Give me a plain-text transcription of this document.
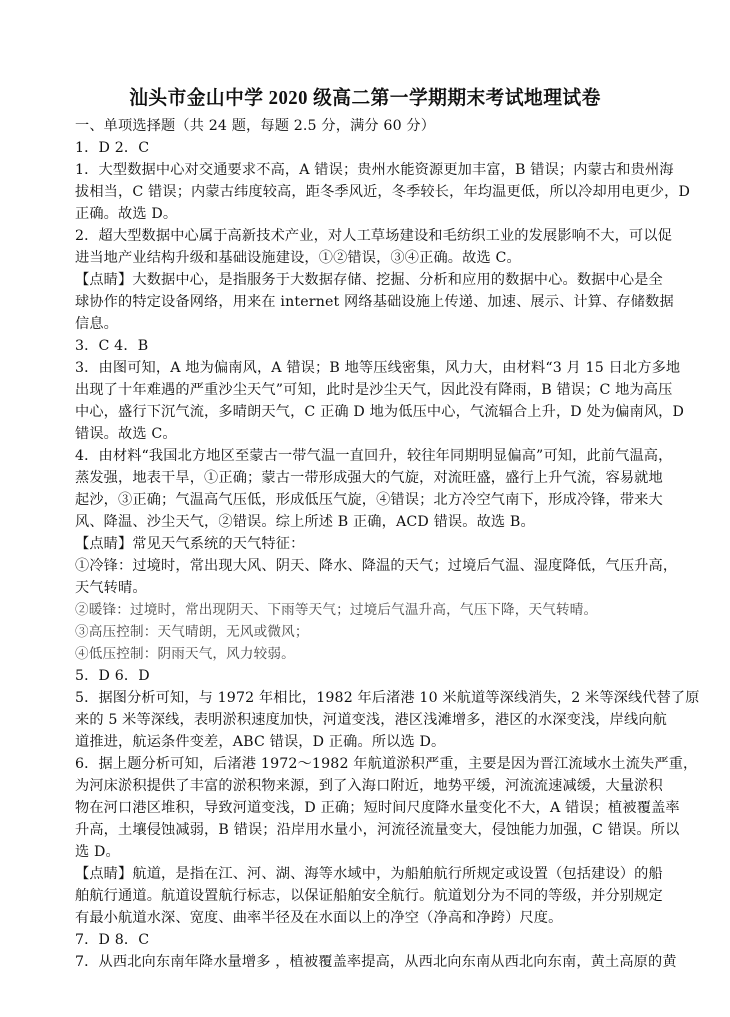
汕头市金山中学 2020 级高二第一学期期末考试地理试卷
一、单项选择题（共 24 题，每题 2.5 分，满分 60 分）
1．D 2．C
1．大型数据中心对交通要求不高，A 错误；贵州水能资源更加丰富，B 错误；内蒙古和贵州海
拔相当，C 错误；内蒙古纬度较高，距冬季风近，冬季较长，年均温更低，所以冷却用电更少，D
正确。故选 D。
2．超大型数据中心属于高新技术产业，对人工草场建设和毛纺织工业的发展影响不大，可以促
进当地产业结构升级和基础设施建设，①②错误，③④正确。故选 C。
【点睛】大数据中心，是指服务于大数据存储、挖掘、分析和应用的数据中心。数据中心是全
球协作的特定设备网络，用来在 internet 网络基础设施上传递、加速、展示、计算、存储数据
信息。
3．C 4．B
3．由图可知，A 地为偏南风，A 错误；B 地等压线密集，风力大，由材料“3 月 15 日北方多地
出现了十年难遇的严重沙尘天气”可知，此时是沙尘天气，因此没有降雨，B 错误；C 地为高压
中心，盛行下沉气流，多晴朗天气，C 正确 D 地为低压中心，气流辐合上升，D 处为偏南风，D
错误。故选 C。
4．由材料“我国北方地区至蒙古一带气温一直回升，较往年同期明显偏高”可知，此前气温高，
蒸发强，地表干旱，①正确；蒙古一带形成强大的气旋，对流旺盛，盛行上升气流，容易就地
起沙，③正确；气温高气压低，形成低压气旋，④错误；北方冷空气南下，形成冷锋，带来大
风、降温、沙尘天气，②错误。综上所述 B 正确，ACD 错误。故选 B。
【点睛】常见天气系统的天气特征：
①冷锋：过境时，常出现大风、阴天、降水、降温的天气；过境后气温、湿度降低，气压升高，
天气转晴。
②暖锋：过境时，常出现阴天、下雨等天气；过境后气温升高，气压下降，天气转晴。
③高压控制：天气晴朗，无风或微风；
④低压控制：阴雨天气，风力较弱。
5．D 6．D
5．据图分析可知，与 1972 年相比，1982 年后渚港 10 米航道等深线消失，2 米等深线代替了原
来的 5 米等深线，表明淤积速度加快，河道变浅，港区浅滩增多，港区的水深变浅，岸线向航
道推进，航运条件变差，ABC 错误，D 正确。所以选 D。
6．据上题分析可知，后渚港 1972～1982 年航道淤积严重，主要是因为晋江流域水土流失严重，
为河床淤积提供了丰富的淤积物来源，到了入海口附近，地势平缓，河流流速减缓，大量淤积
物在河口港区堆积，导致河道变浅，D 正确；短时间尺度降水量变化不大，A 错误；植被覆盖率
升高，土壤侵蚀减弱，B 错误；沿岸用水量小，河流径流量变大，侵蚀能力加强，C 错误。所以
选 D。
【点睛】航道，是指在江、河、湖、海等水域中，为船舶航行所规定或设置（包括建设）的船
舶航行通道。航道设置航行标志，以保证船舶安全航行。航道划分为不同的等级，并分别规定
有最小航道水深、宽度、曲率半径及在水面以上的净空（净高和净跨）尺度。
7．D 8．C
7．从西北向东南年降水量增多 ，植被覆盖率提高，从西北向东南从西北向东南，黄土高原的黄
